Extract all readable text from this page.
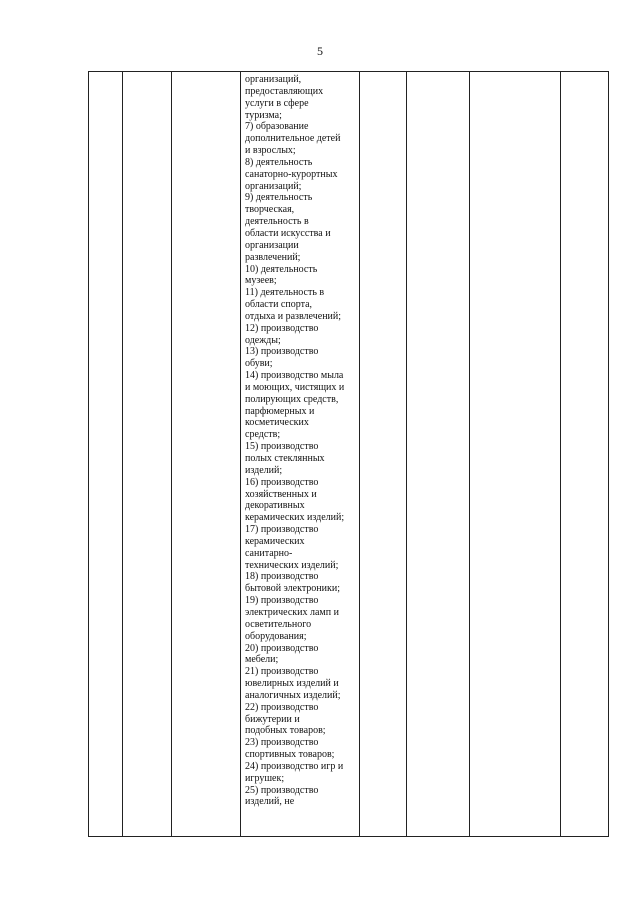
5
организаций,
предоставляющих
услуги в сфере
туризма;
7) образование
дополнительное детей
и взрослых;
8) деятельность
санаторно-курортных
организаций;
9) деятельность
творческая,
деятельность в
области искусства и
организации
развлечений;
10) деятельность
музеев;
11) деятельность в
области спорта,
отдыха и развлечений;
12) производство
одежды;
13) производство
обуви;
14) производство мыла
и моющих, чистящих и
полирующих средств,
парфюмерных и
косметических
средств;
15) производство
полых стеклянных
изделий;
16) производство
хозяйственных и
декоративных
керамических изделий;
17) производство
керамических
санитарно-
технических изделий;
18) производство
бытовой электроники;
19) производство
электрических ламп и
осветительного
оборудования;
20) производство
мебели;
21) производство
ювелирных изделий и
аналогичных изделий;
22) производство
бижутерии и
подобных товаров;
23) производство
спортивных товаров;
24) производство игр и
игрушек;
25) производство
изделий, не
